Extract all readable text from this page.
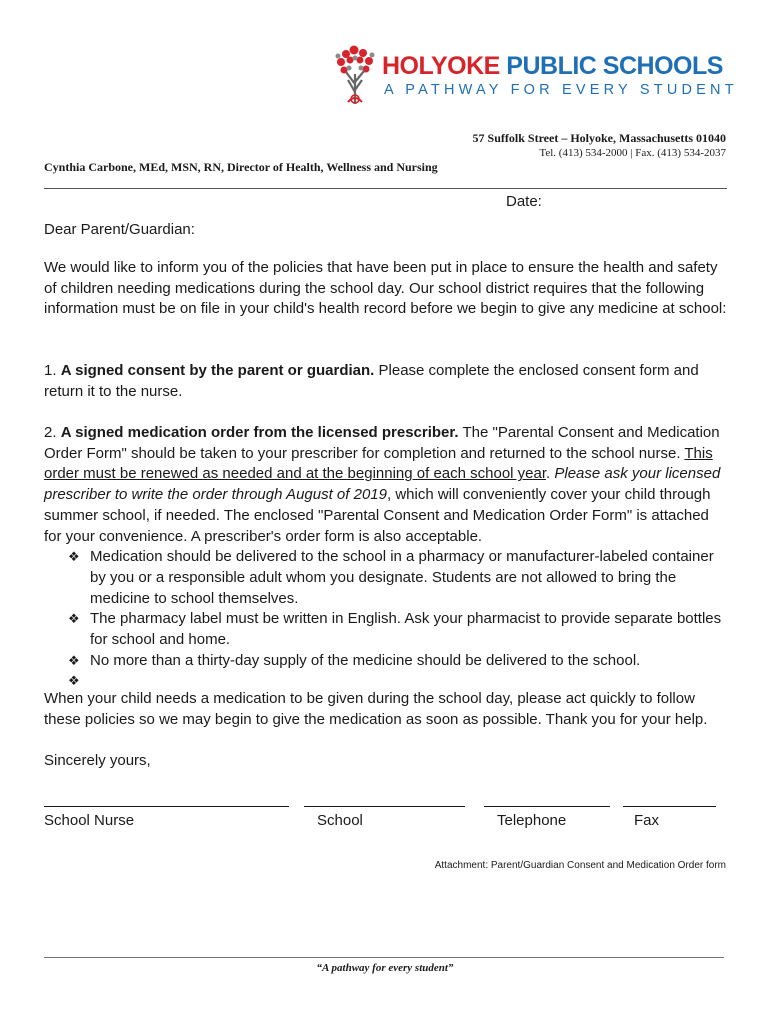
HOLYOKE PUBLIC SCHOOLS
A PATHWAY FOR EVERY STUDENT
57 Suffolk Street – Holyoke, Massachusetts 01040
Tel. (413) 534-2000 | Fax. (413) 534-2037
Cynthia Carbone, MEd, MSN, RN, Director of Health, Wellness and Nursing
Date:
Dear Parent/Guardian:
We would like to inform you of the policies that have been put in place to ensure the health and safety of children needing medications during the school day. Our school district requires that the following information must be on file in your child's health record before we begin to give any medicine at school:
1. A signed consent by the parent or guardian. Please complete the enclosed consent form and return it to the nurse.
2. A signed medication order from the licensed prescriber. The "Parental Consent and Medication Order Form" should be taken to your prescriber for completion and returned to the school nurse. This order must be renewed as needed and at the beginning of each school year. Please ask your licensed prescriber to write the order through August of 2019, which will conveniently cover your child through summer school, if needed. The enclosed "Parental Consent and Medication Order Form" is attached for your convenience. A prescriber's order form is also acceptable.
❖ Medication should be delivered to the school in a pharmacy or manufacturer-labeled container by you or a responsible adult whom you designate. Students are not allowed to bring the medicine to school themselves.
❖ The pharmacy label must be written in English. Ask your pharmacist to provide separate bottles for school and home.
❖ No more than a thirty-day supply of the medicine should be delivered to the school.
❖

When your child needs a medication to be given during the school day, please act quickly to follow these policies so we may begin to give the medication as soon as possible. Thank you for your help.
Sincerely yours,
School Nurse	School	Telephone	Fax
Attachment: Parent/Guardian Consent and Medication Order form
“A pathway for every student”
